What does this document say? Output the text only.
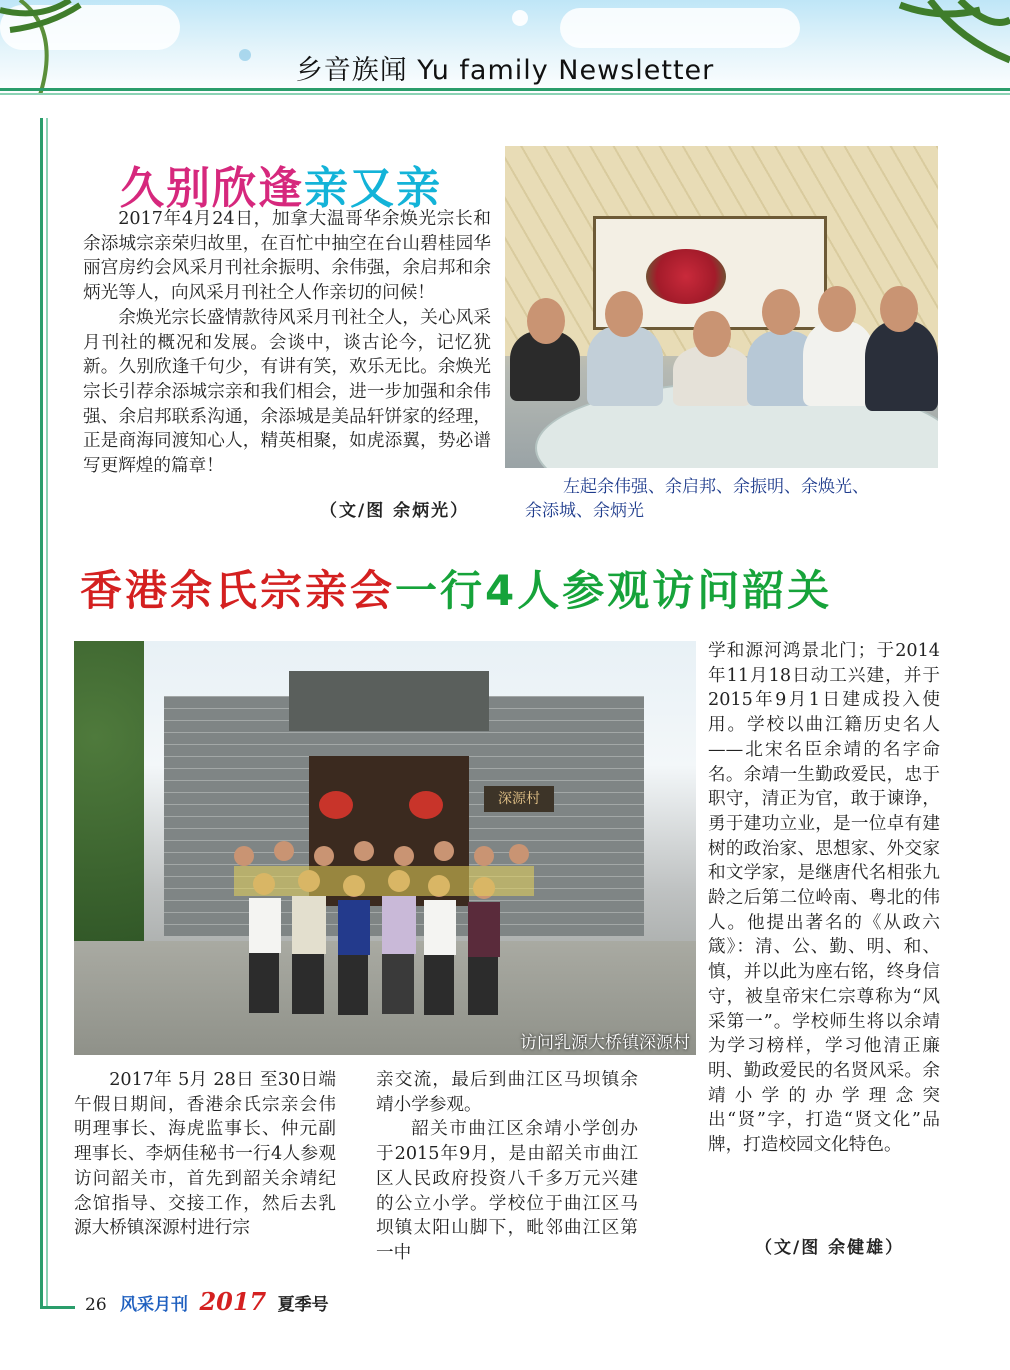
乡音族闻 Yu family Newsletter
久别欣逢亲又亲

2017年4月24日，加拿大温哥华余焕光宗长和余添城宗亲荣归故里，在百忙中抽空在台山碧桂园华丽宫房约会风采月刊社余振明、余伟强，余启邦和余炳光等人，向风采月刊社仝人作亲切的问候！

余焕光宗长盛情款待风采月刊社仝人，关心风采月刊社的概况和发展。会谈中，谈古论今，记忆犹新。久别欣逢千句少，有讲有笑，欢乐无比。余焕光宗长引荐余添城宗亲和我们相会，进一步加强和余伟强、余启邦联系沟通，余添城是美品轩饼家的经理，正是商海同渡知心人，精英相聚，如虎添翼，势必谱写更辉煌的篇章！

（文/图 余炳光）
左起余伟强、余启邦、余振明、余焕光、
余添城、余炳光
香港余氏宗亲会一行4人参观访问韶关
深源村
访问乳源大桥镇深源村

学和源河鸿景北门；于2014年11月18日动工兴建，并于2015年9月1日建成投入使用。学校以曲江籍历史名人——北宋名臣余靖的名字命名。余靖一生勤政爱民，忠于职守，清正为官，敢于谏诤，勇于建功立业，是一位卓有建树的政治家、思想家、外交家和文学家，是继唐代名相张九龄之后第二位岭南、粤北的伟人。他提出著名的《从政六箴》：清、公、勤、明、和、慎，并以此为座右铭，终身信守，被皇帝宋仁宗尊称为“风采第一”。学校师生将以余靖为学习榜样，学习他清正廉明、勤政爱民的名贤风采。余靖小学的办学理念突出“贤”字，打造“贤文化”品牌，打造校园文化特色。

2017年 5月 28日 至30日端午假日期间，香港余氏宗亲会伟明理事长、海虎监事长、仲元副理事长、李炳佳秘书一行4人参观访问韶关市，首先到韶关余靖纪念馆指导、交接工作，然后去乳源大桥镇深源村进行宗

亲交流，最后到曲江区马坝镇余靖小学参观。

韶关市曲江区余靖小学创办于2015年9月，是由韶关市曲江区人民政府投资八千多万元兴建的公立小学。学校位于曲江区马坝镇太阳山脚下，毗邻曲江区第一中	（文/图 余健雄）
26 风采月刊 2017 夏季号
